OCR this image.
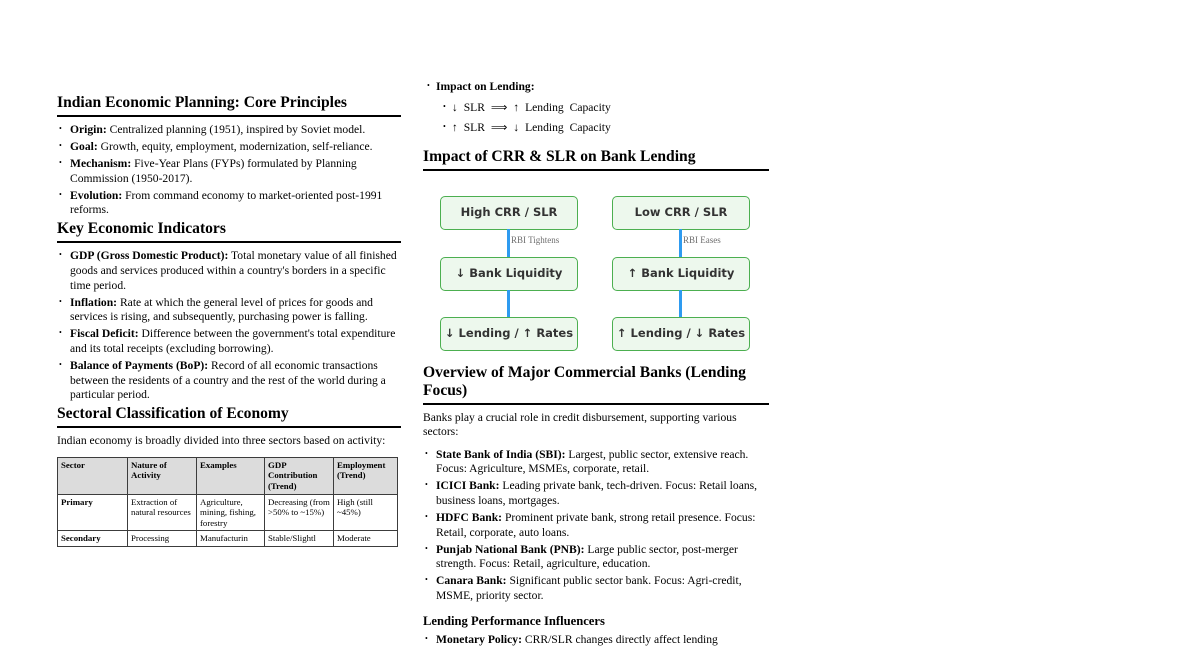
Indian Economic Planning: Core Principles
• Origin: Centralized planning (1951), inspired by Soviet model.
• Goal: Growth, equity, employment, modernization, self-reliance.
• Mechanism: Five-Year Plans (FYPs) formulated by Planning Commission (1950-2017).
• Evolution: From command economy to market-oriented post-1991 reforms.
Key Economic Indicators
• GDP (Gross Domestic Product): Total monetary value of all finished goods and services produced within a country's borders in a specific time period.
• Inflation: Rate at which the general level of prices for goods and services is rising, and subsequently, purchasing power is falling.
• Fiscal Deficit: Difference between the government's total expenditure and its total receipts (excluding borrowing).
• Balance of Payments (BoP): Record of all economic transactions between the residents of a country and the rest of the world during a particular period.
Sectoral Classification of Economy

Indian economy is broadly divided into three sectors based on activity:

Sector	Nature of Activity	Examples	GDP Contribution (Trend)	Employment (Trend)
Primary	Extraction of natural resources	Agriculture, mining, fishing, forestry	Decreasing (from >50% to ~15%)	High (still ~45%)
Secondary	Processing	Manufacturin	Stable/Slightl	Moderate
• Impact on Lending:
• ↓ SLR ⟹ ↑ Lending Capacity
• ↑ SLR ⟹ ↓ Lending Capacity
Impact of CRR & SLR on Bank Lending
High CRR / SLR	Low CRR / SLR
RBI Tightens	RBI Eases
↓ Bank Liquidity	↑ Bank Liquidity
↓ Lending / ↑ Rates	↑ Lending / ↓ Rates
Overview of Major Commercial Banks (Lending Focus)

Banks play a crucial role in credit disbursement, supporting various sectors:

• State Bank of India (SBI): Largest, public sector, extensive reach. Focus: Agriculture, MSMEs, corporate, retail.
• ICICI Bank: Leading private bank, tech-driven. Focus: Retail loans, business loans, mortgages.
• HDFC Bank: Prominent private bank, strong retail presence. Focus: Retail, corporate, auto loans.
• Punjab National Bank (PNB): Large public sector, post-merger strength. Focus: Retail, agriculture, education.
• Canara Bank: Significant public sector bank. Focus: Agri-credit, MSME, priority sector.
Lending Performance Influencers
• Monetary Policy: CRR/SLR changes directly affect lending
